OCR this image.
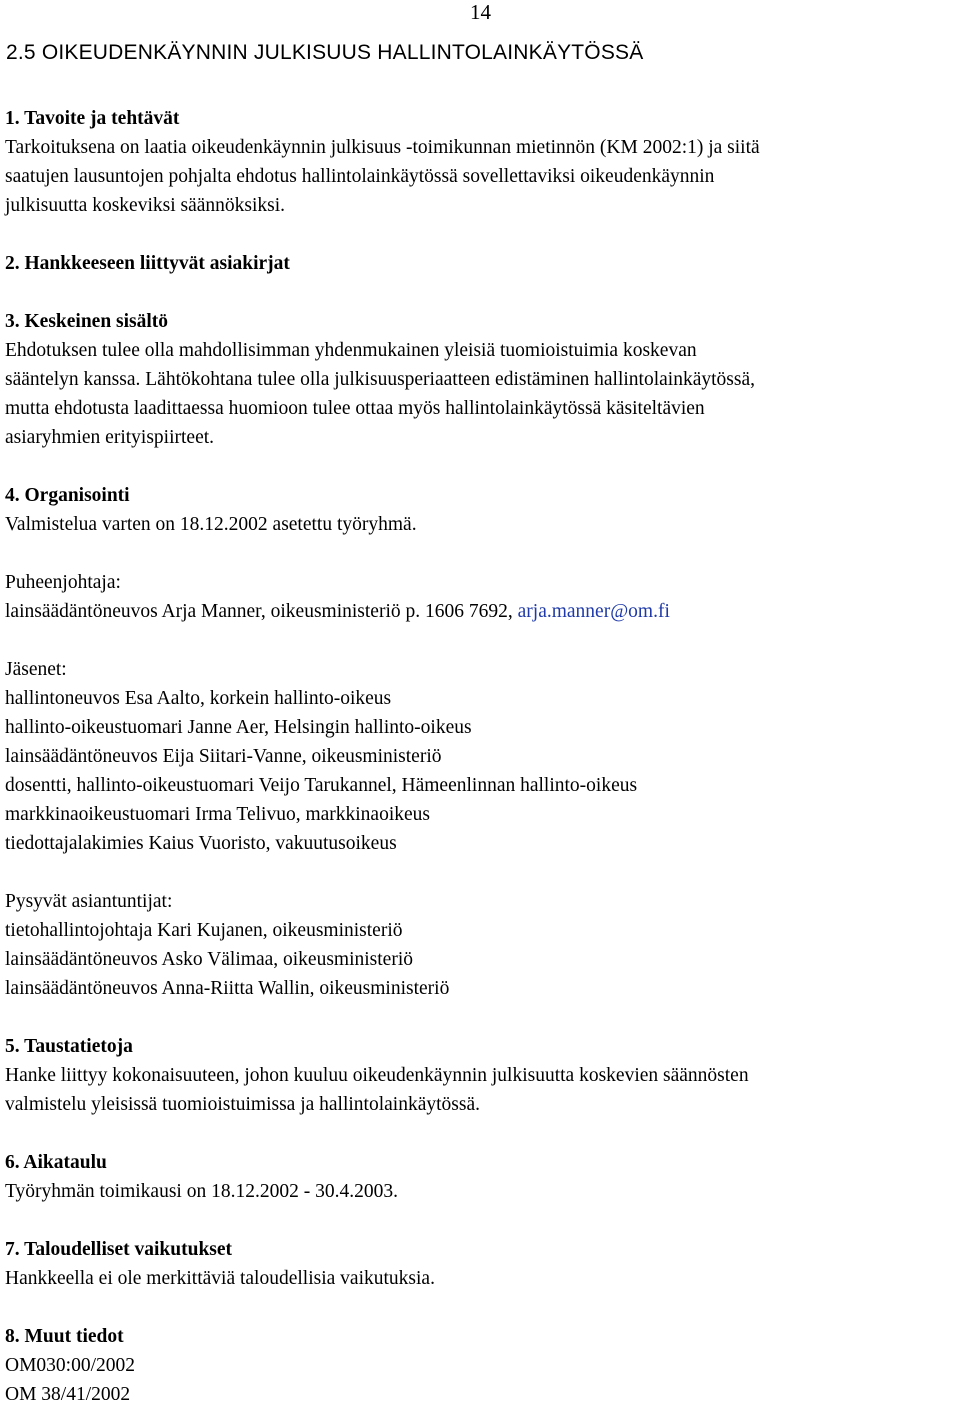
14
2.5 OIKEUDENKÄYNNIN JULKISUUS HALLINTOLAINKÄYTÖSSÄ
1. Tavoite ja tehtävät
Tarkoituksena on laatia oikeudenkäynnin julkisuus -toimikunnan mietinnön (KM 2002:1) ja siitä
saatujen lausuntojen pohjalta ehdotus hallintolainkäytössä sovellettaviksi oikeudenkäynnin
julkisuutta koskeviksi säännöksiksi.
2. Hankkeeseen liittyvät asiakirjat
3. Keskeinen sisältö
Ehdotuksen tulee olla mahdollisimman yhdenmukainen yleisiä tuomioistuimia koskevan
sääntelyn kanssa. Lähtökohtana tulee olla julkisuusperiaatteen edistäminen hallintolainkäytössä,
mutta ehdotusta laadittaessa huomioon tulee ottaa myös hallintolainkäytössä käsiteltävien
asiaryhmien erityispiirteet.
4. Organisointi
Valmistelua varten on 18.12.2002 asetettu työryhmä.
Puheenjohtaja:
lainsäädäntöneuvos Arja Manner, oikeusministeriö p. 1606 7692, arja.manner@om.fi
Jäsenet:
hallintoneuvos Esa Aalto, korkein hallinto-oikeus
hallinto-oikeustuomari Janne Aer, Helsingin hallinto-oikeus
lainsäädäntöneuvos Eija Siitari-Vanne, oikeusministeriö
dosentti, hallinto-oikeustuomari Veijo Tarukannel, Hämeenlinnan hallinto-oikeus
markkinaoikeustuomari Irma Telivuo, markkinaoikeus
tiedottajalakimies Kaius Vuoristo, vakuutusoikeus
Pysyvät asiantuntijat:
tietohallintojohtaja Kari Kujanen, oikeusministeriö
lainsäädäntöneuvos Asko Välimaa, oikeusministeriö
lainsäädäntöneuvos Anna-Riitta Wallin, oikeusministeriö
5. Taustatietoja
Hanke liittyy kokonaisuuteen, johon kuuluu oikeudenkäynnin julkisuutta koskevien säännösten
valmistelu yleisissä tuomioistuimissa ja hallintolainkäytössä.
6. Aikataulu
Työryhmän toimikausi on 18.12.2002 - 30.4.2003.
7. Taloudelliset vaikutukset
Hankkeella ei ole merkittäviä taloudellisia vaikutuksia.
8. Muut tiedot
OM030:00/2002
OM 38/41/2002
